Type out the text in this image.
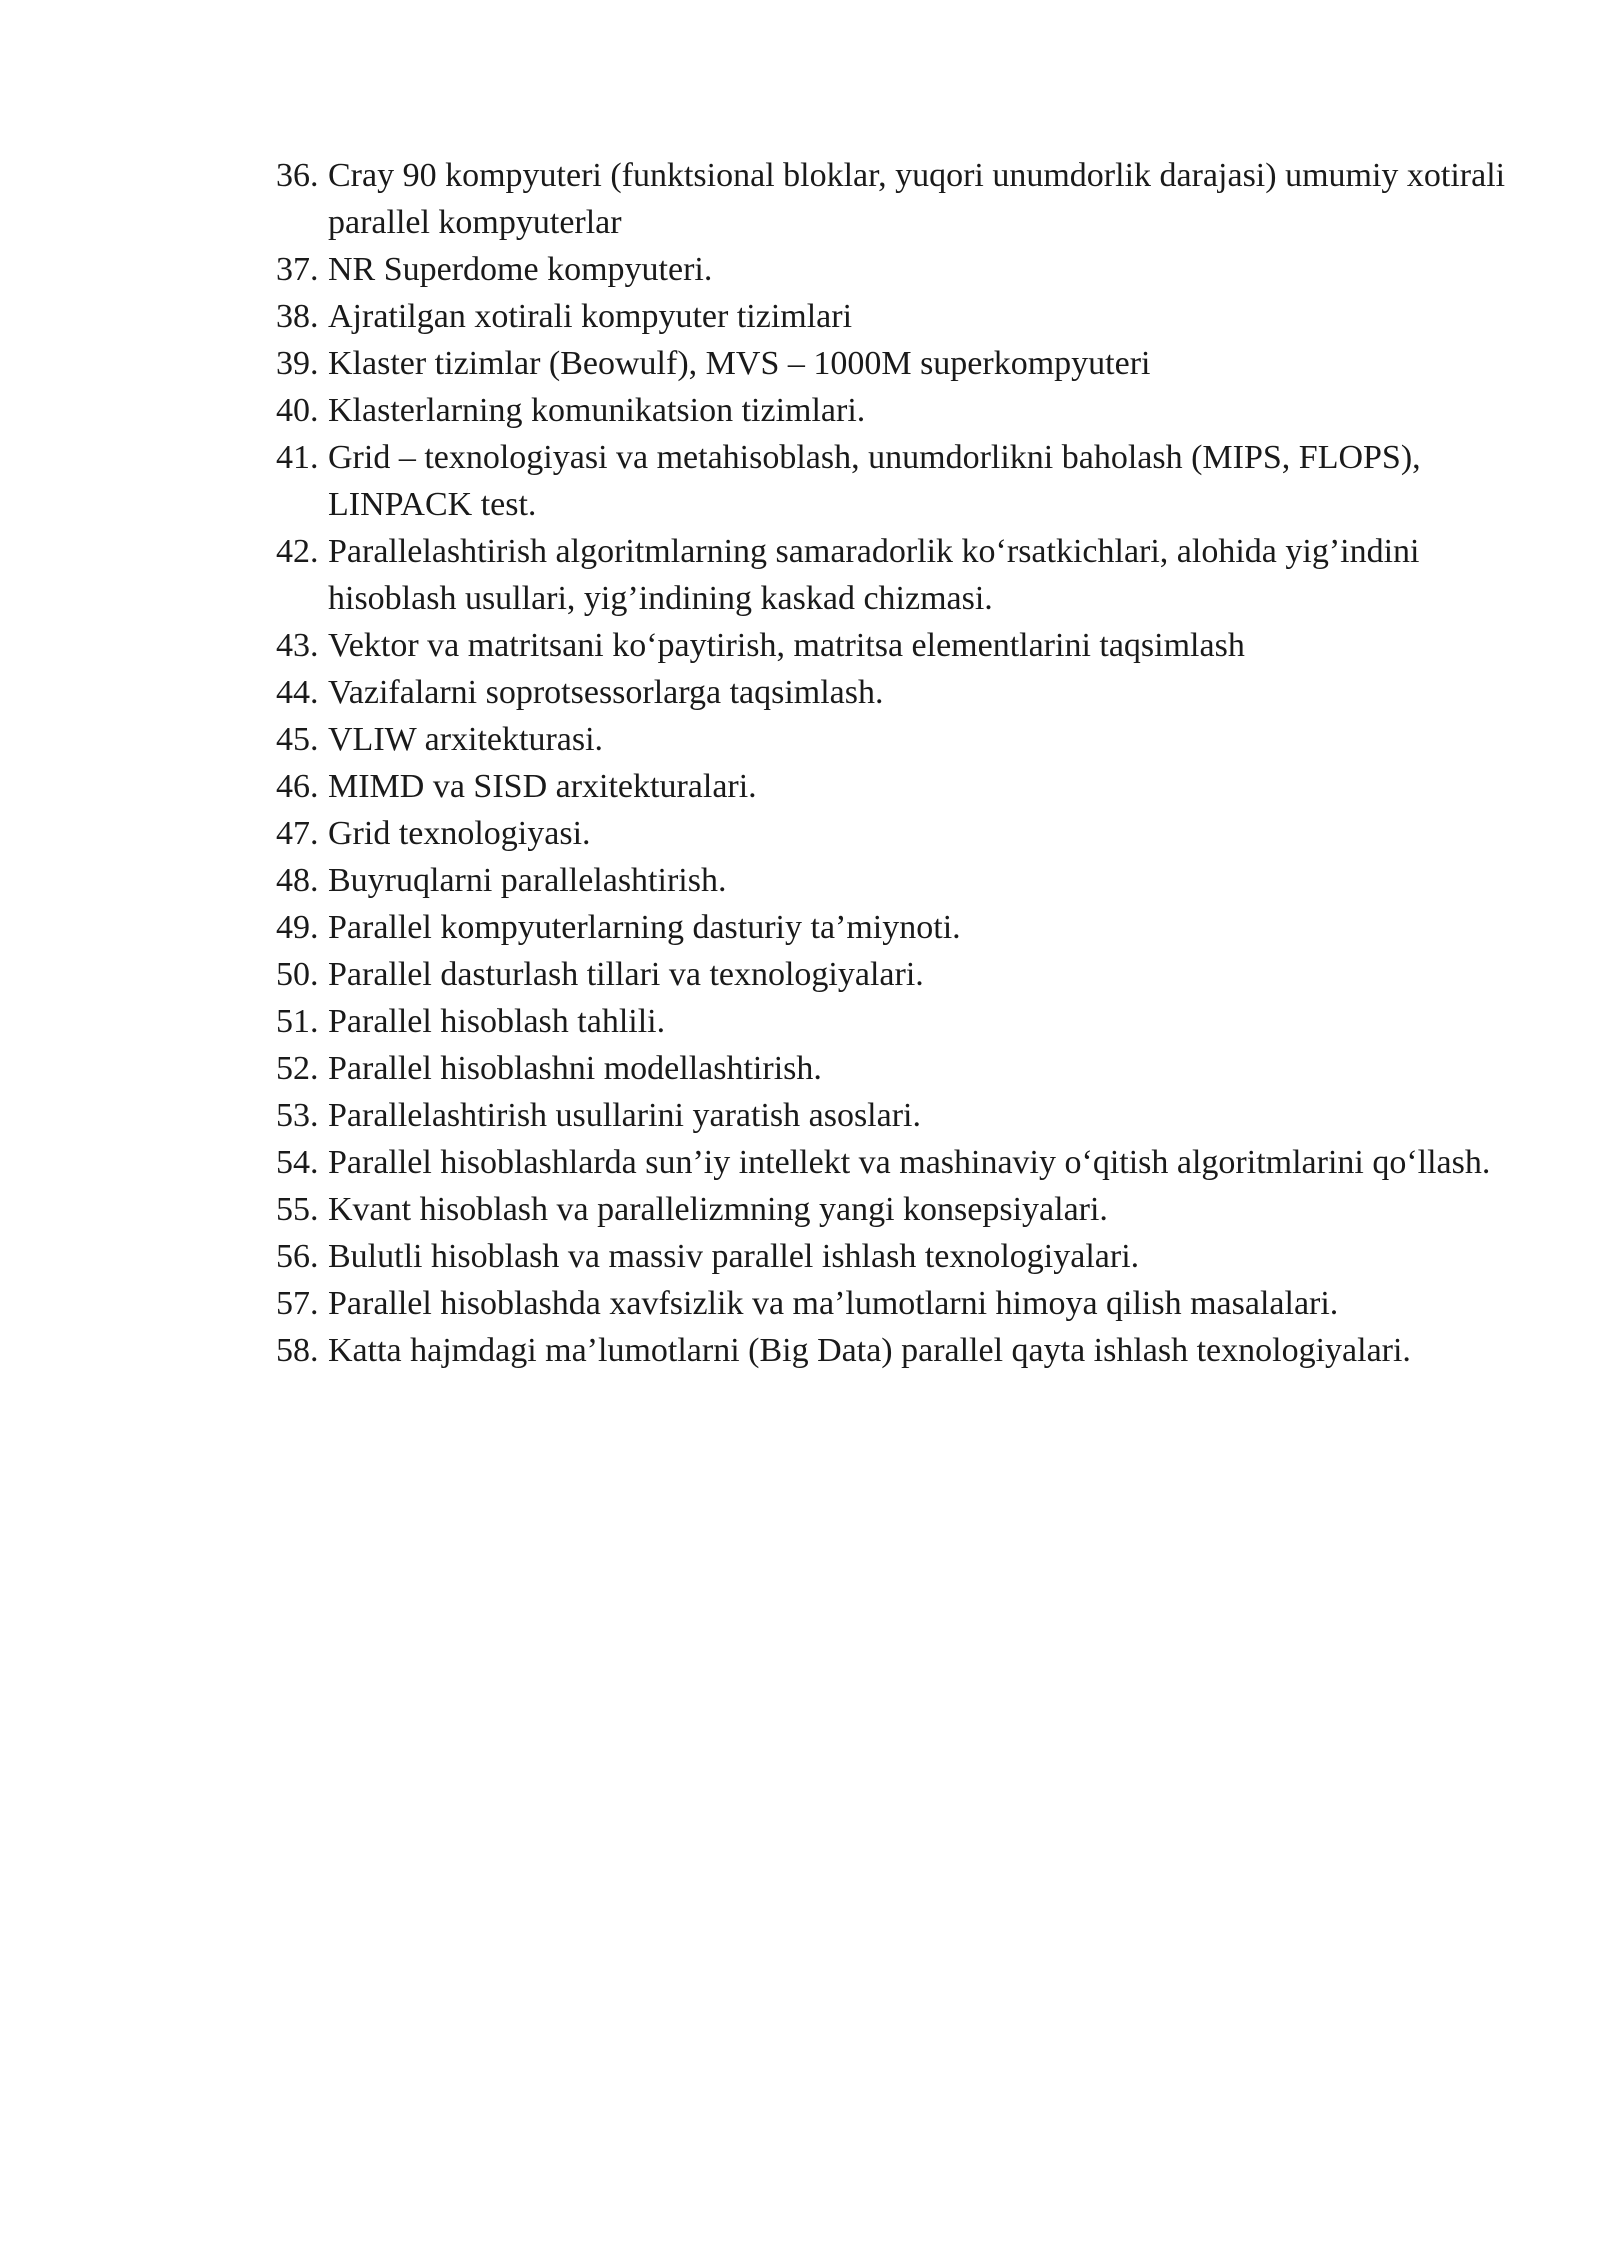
36. Cray 90 kompyuteri (funktsional bloklar, yuqori unumdorlik darajasi) umumiy xotirali parallel kompyuterlar
37. NR Superdome kompyuteri.
38. Ajratilgan xotirali kompyuter tizimlari
39. Klaster tizimlar (Beowulf), MVS – 1000M superkompyuteri
40. Klasterlarning komunikatsion tizimlari.
41. Grid – texnologiyasi va metahisoblash, unumdorlikni baholash (MIPS, FLOPS), LINPACK test.
42. Parallelashtirish algoritmlarning samaradorlik ko‘rsatkichlari, alohida yig’indini hisoblash usullari, yig’indining kaskad chizmasi.
43. Vektor va matritsani ko‘paytirish, matritsa elementlarini taqsimlash
44. Vazifalarni soprotsessorlarga taqsimlash.
45. VLIW arxitekturasi.
46. MIMD va SISD arxitekturalari.
47. Grid texnologiyasi.
48. Buyruqlarni parallelashtirish.
49. Parallel kompyuterlarning dasturiy ta’miynoti.
50. Parallel dasturlash tillari va texnologiyalari.
51. Parallel hisoblash tahlili.
52. Parallel hisoblashni modellashtirish.
53. Parallelashtirish usullarini yaratish asoslari.
54. Parallel hisoblashlarda sun’iy intellekt va mashinaviy o‘qitish algoritmlarini qo‘llash.
55. Kvant hisoblash va parallelizmning yangi konsepsiyalari.
56. Bulutli hisoblash va massiv parallel ishlash texnologiyalari.
57. Parallel hisoblashda xavfsizlik va ma’lumotlarni himoya qilish masalalari.
58. Katta hajmdagi ma’lumotlarni (Big Data) parallel qayta ishlash texnologiyalari.
